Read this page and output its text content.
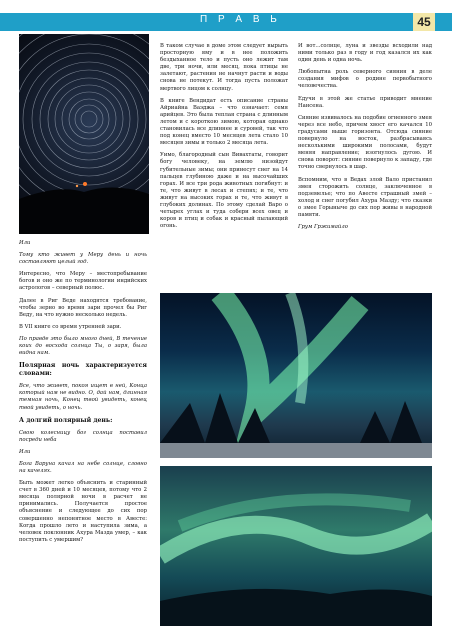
П Р А В Ь	45

Или

Тому кто живет у Меру день и ночь составляют целый год.

Интересно, что Меру – местопребывание богов и оно же по терминологии индийских астрологов – северный полюс.

Далее в Риг Веде находятся требование, чтобы зерно во время зари прочел бы Риг Веду, на что нужно несколько недель.

В VII книге со время утренней зари.

По правде это было много дней, В течение коих до восхода солнца Ты, о заря, была видна нам.

Полярная ночь характеризуется словами:

Все, что живет, покоя ищет в ней, Конца который нам не видно. О, дай нам, длинная темная ночь, Конец твой увидеть, конец твой увидеть, о ночь.

А долгий полярный день:

Свою колесницу бог солнца поставил посреди неба

Или

Бога Варуна качал на небе солнце, словно на качелях.

Быть может легко объяснить и старинный счет в 360 дней и 10 месяцев, потому что 2 месяца полярной ночи в расчет не принимались. Получается простое объяснение и следующее до сих пор совершенно непонятное место в Авесте: Когда прошло лето и наступила зима, а человек поклонник Ахура Мазда умер, – как поступить с умершим?

В таком случае в доме этом следует вырыть просторную яму и в нее положить бездыханное тело и пусть оно лежит там две, три ночи, или месяц, пока птицы не залетают, растения не начнут расти и воды снова не потекут. И тогда пусть положат мертвого лицом к солнцу.

В книге Вендидат есть описание страны Айриайна Ваэджа – что означает: семя арийцев. Это была теплая страна с длинным летом и с короткою зимою, которая однако становилась все длиннее и суровей, так что под конец вместо 10 месяцев лета стало 10 месяцев зимы и только 2 месяца лета.

Уимо, благородный сын Вивахтаты, говорит богу человеку, на землю низойдут губительные зимы; они принесут снег на 14 пальцев глубиною даже и на высочайших горах. И все три рода животных погибнут: и те, что живут в лесах и степях; и те, что живут на высоких горах и те, что живут в глубоких долинах. По этому сделай Варо о четырех углах и туда собери всех овец и коров и птиц и собак и красный пылающий огонь.

И вот...солнце, луна и звезды всходили над ними только раз в году и год казался их как один день и одна ночь.

Любопытна роль северного сияния в деле создания мифов о родине первобытного человечества.

Едучи в этой же статье приводит мнение Нансена.

Сияние извивалось на подобие огненного змея через все небо, причем хвост его качался 10 градусами выше горизонта. Отсюда сияние повернуло на восток, разбрасываясь несколькими широкими полосами, будут меняя направление; изогнулось дугою. И снова поворот: сияние повернуло к западу, где точно свернулось в шар.

Вспомним, что в Ведах злой Вало пристанил змея сторожить солнце, заключенное в подземелье; что по Авесте страшный змей – холод и снег погубил Ахура Мазду; что сказки о змее Горыныче до сих пор живы в народной памяти.

Грум Гржимайло
